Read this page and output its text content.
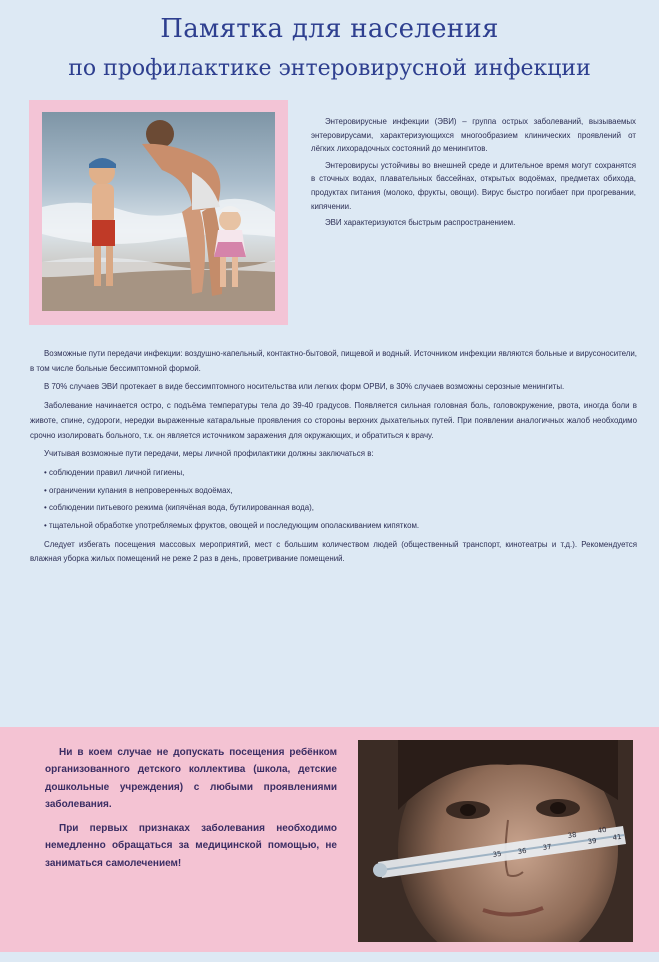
Памятка для населения
по профилактике энтеровирусной инфекции

Энтеровирусные инфекции (ЭВИ) – группа острых заболеваний, вызываемых энтеровирусами, характеризующихся многообразием клинических проявлений от лёгких лихорадочных состояний до менингитов.

Энтеровирусы устойчивы во внешней среде и длительное время могут сохранятся в сточных водах, плавательных бассейнах, открытых водоёмах, предметах обихода, продуктах питания (молоко, фрукты, овощи). Вирус быстро погибает при прогревании, кипячении.

ЭВИ характеризуются быстрым распространением.

Возможные пути передачи инфекции: воздушно-капельный, контактно-бытовой, пищевой и водный. Источником инфекции являются больные и вирусоносители, в том числе больные бессимптомной формой.

В 70% случаев ЭВИ протекает в виде бессимптомного носительства или легких форм ОРВИ, в 30% случаев возможны серозные менингиты.

Заболевание начинается остро, с подъёма температуры тела до 39-40 градусов. Появляется сильная головная боль, головокружение, рвота, иногда боли в животе, спине, судороги, нередки выраженные катаральные проявления со стороны верхних дыхательных путей. При появлении аналогичных жалоб необходимо срочно изолировать больного, т.к. он является источником заражения для окружающих, и обратиться к врачу.

Учитывая возможные пути передачи, меры личной профилактики должны заключаться в:

• соблюдении правил личной гигиены,
• ограничении купания в непроверенных водоёмах,
• соблюдении питьевого режима (кипячёная вода, бутилированная вода),
• тщательной обработке употребляемых фруктов, овощей и последующим ополаскиванием кипятком.

Следует избегать посещения массовых мероприятий, мест с большим количеством людей (общественный транспорт, кинотеатры и т.д.). Рекомендуется влажная уборка жилых помещений не реже 2 раз в день, проветривание помещений.

Ни в коем случае не допускать посещения ребёнком организованного детского коллектива (школа, детские дошкольные учреждения) с любыми проявлениями заболевания.

При первых признаках заболевания необходимо немедленно обращаться за медицинской помощью, не заниматься самолечением!

35 36 37
38
39
40
41
